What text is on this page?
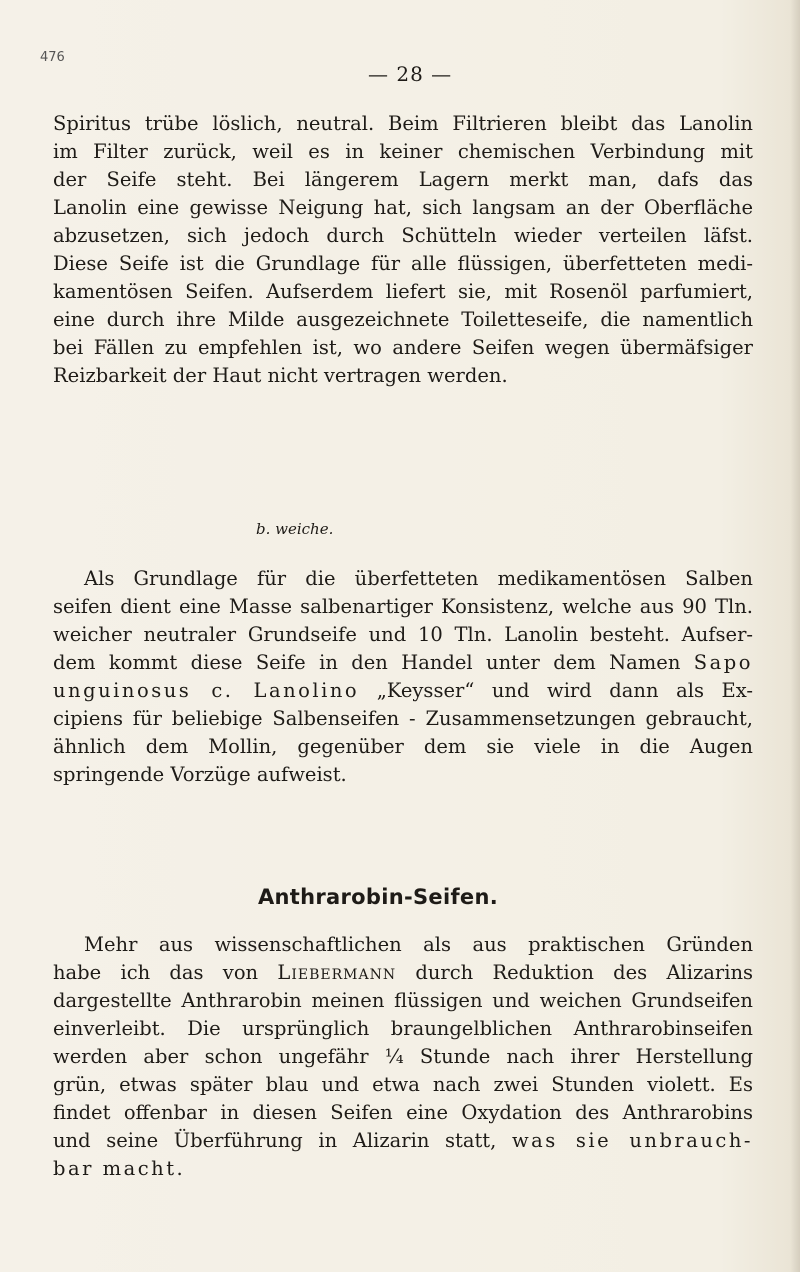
476
— 28 —
Spiritus trübe löslich, neutral. Beim Filtrieren bleibt das Lanolin
im Filter zurück, weil es in keiner chemischen Verbindung mit
der Seife steht. Bei längerem Lagern merkt man, dafs das
Lanolin eine gewisse Neigung hat, sich langsam an der Oberfläche
abzusetzen, sich jedoch durch Schütteln wieder verteilen läfst.
Diese Seife ist die Grundlage für alle flüssigen, überfetteten medi-
kamentösen Seifen. Aufserdem liefert sie, mit Rosenöl parfumiert,
eine durch ihre Milde ausgezeichnete Toiletteseife, die namentlich
bei Fällen zu empfehlen ist, wo andere Seifen wegen übermäfsiger
Reizbarkeit der Haut nicht vertragen werden.
b. weiche.
Als Grundlage für die überfetteten medikamentösen Salben
seifen dient eine Masse salbenartiger Konsistenz, welche aus 90 Tln.
weicher neutraler Grundseife und 10 Tln. Lanolin besteht. Aufser-
dem kommt diese Seife in den Handel unter dem Namen Sapo
unguinosus c. Lanolino „Keysser“ und wird dann als Ex-
cipiens für beliebige Salbenseifen - Zusammensetzungen gebraucht,
ähnlich dem Mollin, gegenüber dem sie viele in die Augen
springende Vorzüge aufweist.
Anthrarobin-Seifen.
Mehr aus wissenschaftlichen als aus praktischen Gründen
habe ich das von Liebermann durch Reduktion des Alizarins
dargestellte Anthrarobin meinen flüssigen und weichen Grundseifen
einverleibt. Die ursprünglich braungelblichen Anthrarobinseifen
werden aber schon ungefähr ¼ Stunde nach ihrer Herstellung
grün, etwas später blau und etwa nach zwei Stunden violett. Es
findet offenbar in diesen Seifen eine Oxydation des Anthrarobins
und seine Überführung in Alizarin statt, was sie unbrauch-
bar macht.
